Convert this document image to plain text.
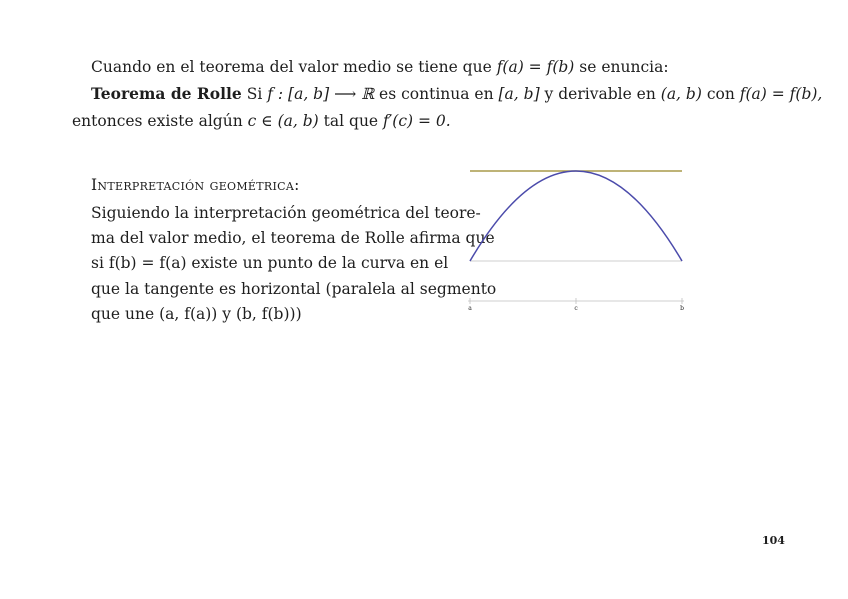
Cuando en el teorema del valor medio se tiene que f(a) = f(b) se enuncia:
Teorema de Rolle Si f : [a, b] ⟶ ℝ es continua en [a, b] y derivable en (a, b) con f(a) = f(b),
entonces existe algún c ∈ (a, b) tal que f′(c) = 0.
Interpretación geométrica:
Siguiendo la interpretación geométrica del teore-
ma del valor medio, el teorema de Rolle afirma que
si f(b) = f(a) existe un punto de la curva en el
que la tangente es horizontal (paralela al segmento
que une (a, f(a)) y (b, f(b)))	a	c	b
104
